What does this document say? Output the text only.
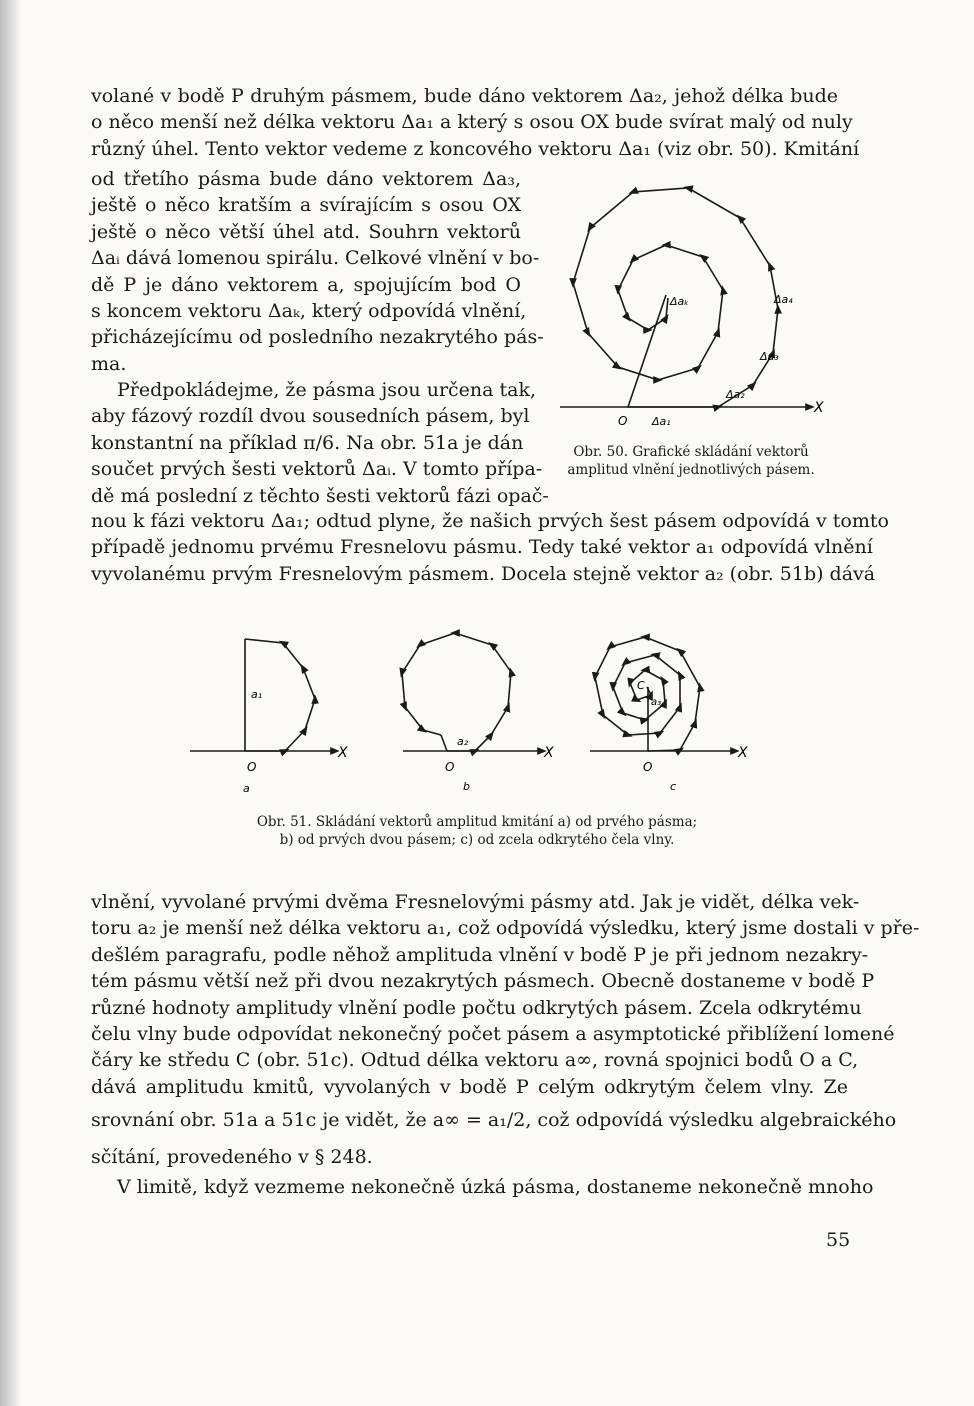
volané v bodě P druhým pásmem, bude dáno vektorem Δa₂, jehož délka bude
o něco menší než délka vektoru Δa₁ a který s osou OX bude svírat malý od nuly
různý úhel. Tento vektor vedeme z koncového vektoru Δa₁ (viz obr. 50). Kmitání
od třetího pásma bude dáno vektorem Δa₃,
ještě o něco kratším a svírajícím s osou OX
ještě o něco větší úhel atd. Souhrn vektorů
Δaᵢ dává lomenou spirálu. Celkové vlnění v bo-
dě P je dáno vektorem a, spojujícím bod O
s koncem vektoru Δaₖ, který odpovídá vlnění,
přicházejícímu od posledního nezakrytého pás-
ma.
Předpokládejme, že pásma jsou určena tak,
aby fázový rozdíl dvou sousedních pásem, byl
konstantní na příklad π/6. Na obr. 51a je dán
součet prvých šesti vektorů Δaᵢ. V tomto přípa-
dě má poslední z těchto šesti vektorů fázi opač-
O
X
Δa₁
Δa₂
Δa₃
Δa₄
Δaₖ
Obr. 50. Grafické skládání vektorů
amplitud vlnění jednotlivých pásem.
nou k fázi vektoru Δa₁; odtud plyne, že našich prvých šest pásem odpovídá v tomto
případě jednomu prvému Fresnelovu pásmu. Tedy také vektor a₁ odpovídá vlnění
vyvolanému prvým Fresnelovým pásmem. Docela stejně vektor a₂ (obr. 51b) dává
a₁
a₂
a₃
C
O	O	O
X	X	X
a	b	c
Obr. 51. Skládání vektorů amplitud kmitání a) od prvého pásma;
b) od prvých dvou pásem; c) od zcela odkrytého čela vlny.
vlnění, vyvolané prvými dvěma Fresnelovými pásmy atd. Jak je vidět, délka vek-
toru a₂ je menší než délka vektoru a₁, což odpovídá výsledku, který jsme dostali v pře-
dešlém paragrafu, podle něhož amplituda vlnění v bodě P je při jednom nezakry-
tém pásmu větší než při dvou nezakrytých pásmech. Obecně dostaneme v bodě P
různé hodnoty amplitudy vlnění podle počtu odkrytých pásem. Zcela odkrytému
čelu vlny bude odpovídat nekonečný počet pásem a asymptotické přiblížení lomené
čáry ke středu C (obr. 51c). Odtud délka vektoru a∞, rovná spojnici bodů O a C,
dává amplitudu kmitů, vyvolaných v bodě P celým odkrytým čelem vlny. Ze
srovnání obr. 51a a 51c je vidět, že a∞ = a₁/2, což odpovídá výsledku algebraického
sčítání, provedeného v § 248.
V limitě, když vezmeme nekonečně úzká pásma, dostaneme nekonečně mnoho
55
